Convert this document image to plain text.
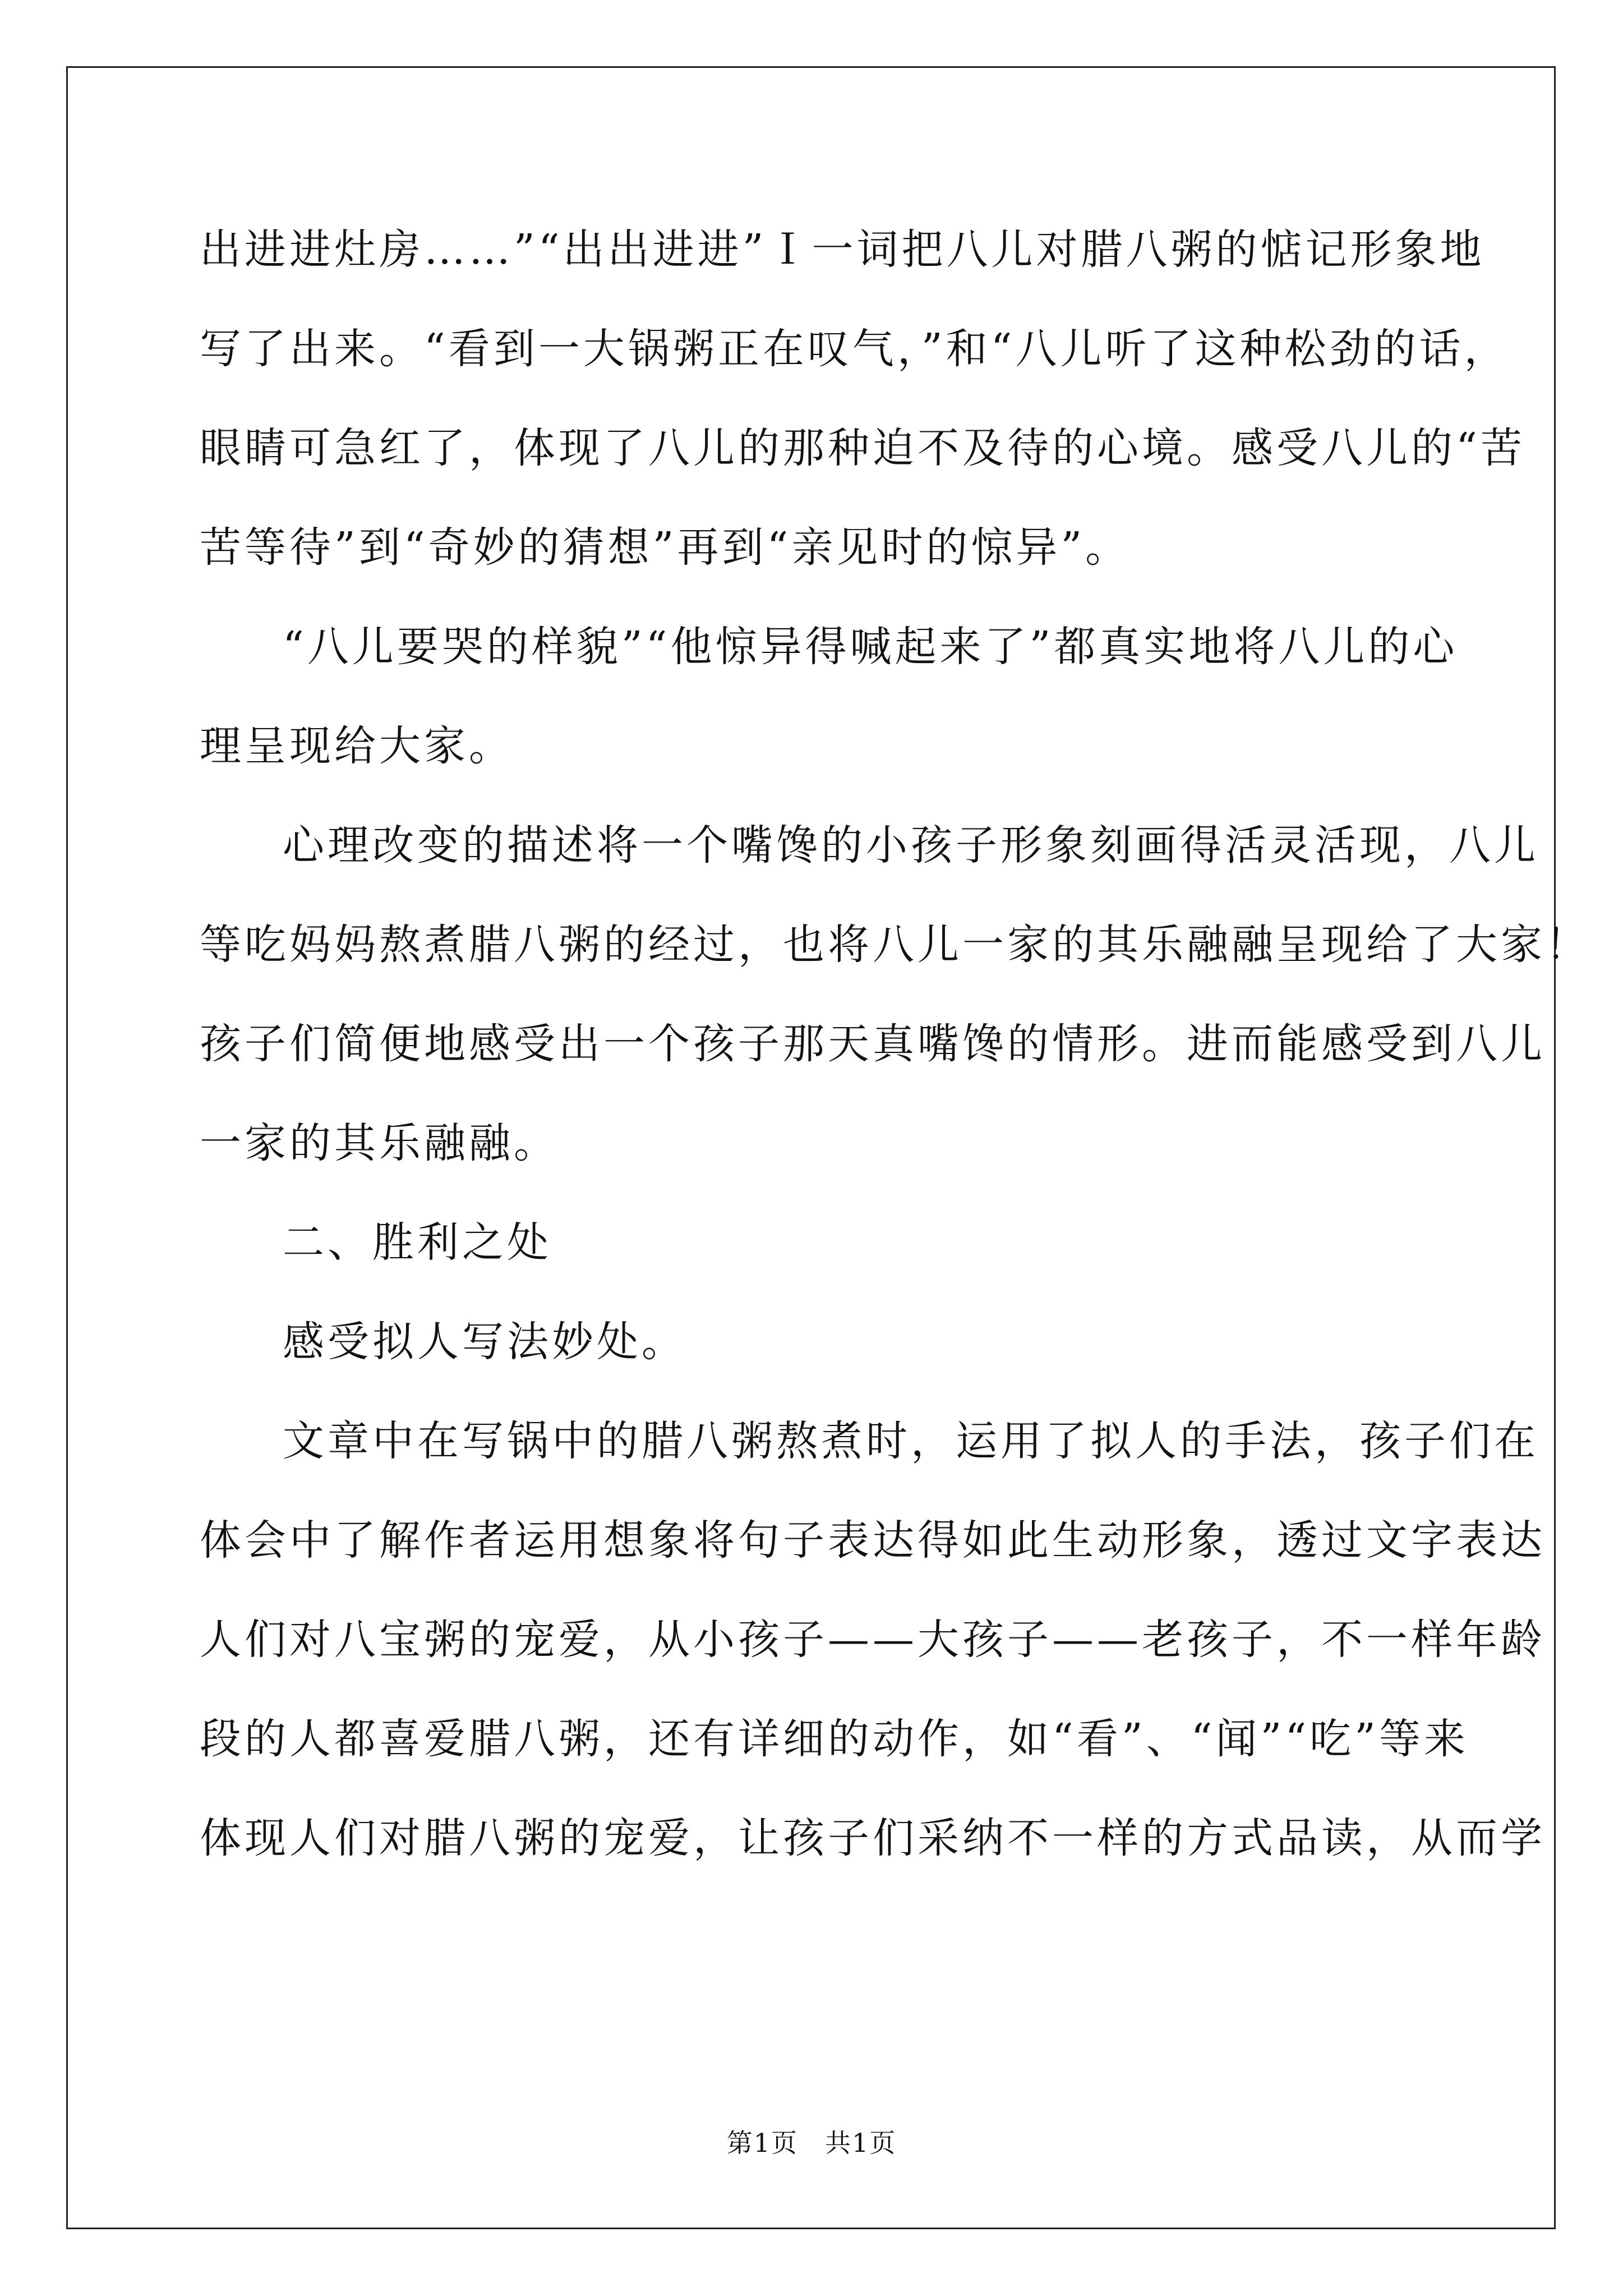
出进进灶房……”“出出进进”Ｉ一词把八儿对腊八粥的惦记形象地
写了出来。“看到一大锅粥正在叹气，”和“八儿听了这种松劲的话，
眼睛可急红了，体现了八儿的那种迫不及待的心境。感受八儿的“苦
苦等待”到“奇妙的猜想”再到“亲见时的惊异”。
“八儿要哭的样貌”“他惊异得喊起来了”都真实地将八儿的心
理呈现给大家。
心理改变的描述将一个嘴馋的小孩子形象刻画得活灵活现，八儿
等吃妈妈熬煮腊八粥的经过，也将八儿一家的其乐融融呈现给了大家！
孩子们简便地感受出一个孩子那天真嘴馋的情形。进而能感受到八儿
一家的其乐融融。
二、胜利之处
感受拟人写法妙处。
文章中在写锅中的腊八粥熬煮时，运用了拟人的手法，孩子们在
体会中了解作者运用想象将句子表达得如此生动形象，透过文字表达
人们对八宝粥的宠爱，从小孩子——大孩子——老孩子，不一样年龄
段的人都喜爱腊八粥，还有详细的动作，如“看”、“闻”“吃”等来
体现人们对腊八粥的宠爱，让孩子们采纳不一样的方式品读，从而学
第1页 共1页
